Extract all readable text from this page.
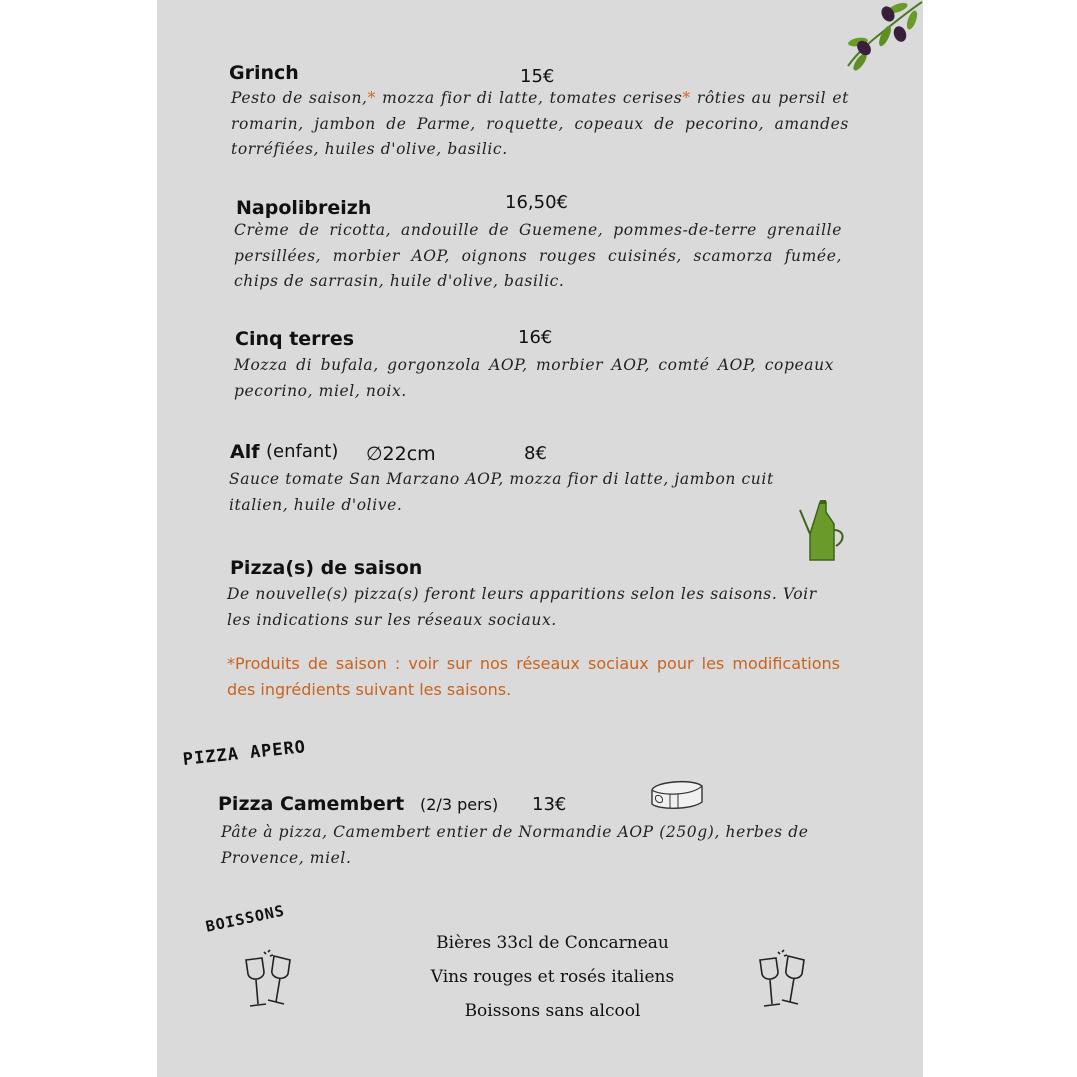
Grinch	15€
Pesto de saison,* mozza fior di latte, tomates cerises* rôties au persil et romarin, jambon de Parme, roquette, copeaux de pecorino, amandes torréfiées, huiles d'olive, basilic.
Napolibreizh	16,50€
Crème de ricotta, andouille de Guemene, pommes-de-terre grenaille persillées, morbier AOP, oignons rouges cuisinés, scamorza fumée, chips de sarrasin, huile d'olive, basilic.
Cinq terres	16€
Mozza di bufala, gorgonzola AOP, morbier AOP, comté AOP, copeaux pecorino, miel, noix.
Alf (enfant) ∅22cm	8€
Sauce tomate San Marzano AOP, mozza fior di latte, jambon cuit italien, huile d'olive.
Pizza(s) de saison
De nouvelle(s) pizza(s) feront leurs apparitions selon les saisons. Voir les indications sur les réseaux sociaux.
*Produits de saison : voir sur nos réseaux sociaux pour les modifications des ingrédients suivant les saisons.
PIZZA APERO
Pizza Camembert (2/3 pers) 13€
Pâte à pizza, Camembert entier de Normandie AOP (250g), herbes de Provence, miel.
BOISSONS
Bières 33cl de Concarneau
Vins rouges et rosés italiens
Boissons sans alcool
